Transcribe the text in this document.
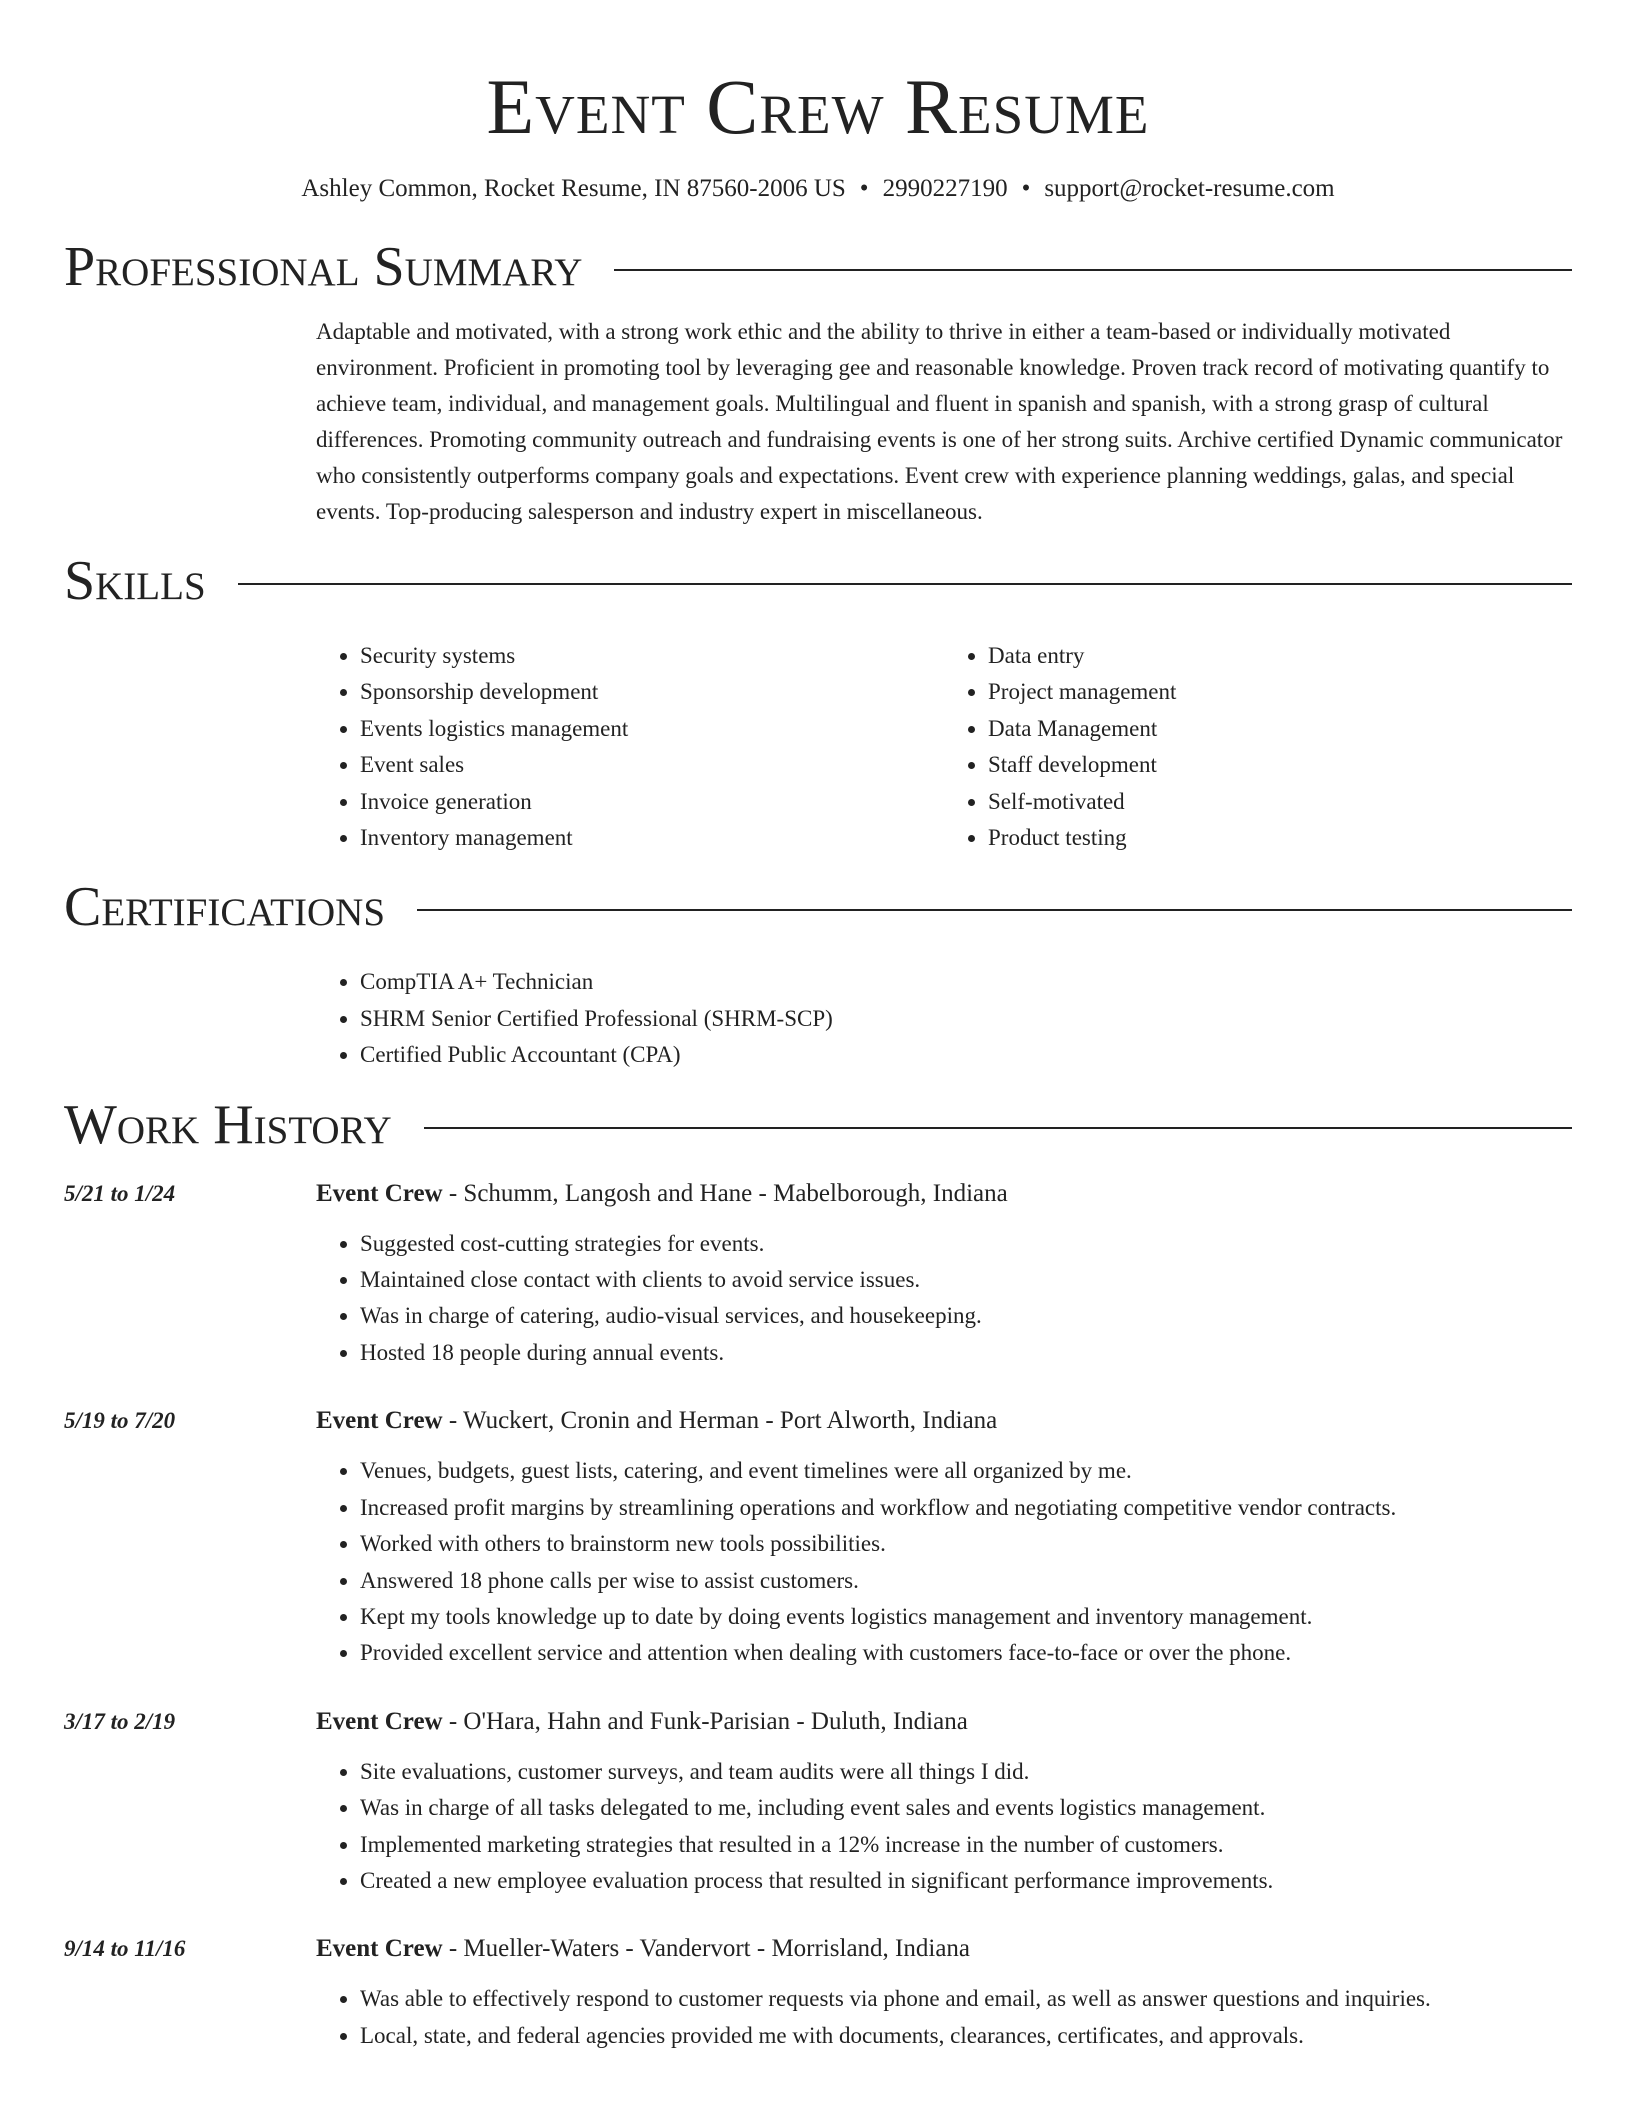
Event Crew Resume
Ashley Common, Rocket Resume, IN 87560-2006 US • 2990227190 • support@rocket-resume.com
Professional Summary
Adaptable and motivated, with a strong work ethic and the ability to thrive in either a team-based or individually motivated environment. Proficient in promoting tool by leveraging gee and reasonable knowledge. Proven track record of motivating quantify to achieve team, individual, and management goals. Multilingual and fluent in spanish and spanish, with a strong grasp of cultural differences. Promoting community outreach and fundraising events is one of her strong suits. Archive certified Dynamic communicator who consistently outperforms company goals and expectations. Event crew with experience planning weddings, galas, and special events. Top-producing salesperson and industry expert in miscellaneous.
Skills
• Security systems
• Sponsorship development
• Events logistics management
• Event sales
• Invoice generation
• Inventory management
• Data entry
• Project management
• Data Management
• Staff development
• Self-motivated
• Product testing
Certifications
• CompTIA A+ Technician
• SHRM Senior Certified Professional (SHRM-SCP)
• Certified Public Accountant (CPA)
Work History
5/21 to 1/24	Event Crew - Schumm, Langosh and Hane - Mabelborough, Indiana
• Suggested cost-cutting strategies for events.
• Maintained close contact with clients to avoid service issues.
• Was in charge of catering, audio-visual services, and housekeeping.
• Hosted 18 people during annual events.
5/19 to 7/20	Event Crew - Wuckert, Cronin and Herman - Port Alworth, Indiana
• Venues, budgets, guest lists, catering, and event timelines were all organized by me.
• Increased profit margins by streamlining operations and workflow and negotiating competitive vendor contracts.
• Worked with others to brainstorm new tools possibilities.
• Answered 18 phone calls per wise to assist customers.
• Kept my tools knowledge up to date by doing events logistics management and inventory management.
• Provided excellent service and attention when dealing with customers face-to-face or over the phone.
3/17 to 2/19	Event Crew - O'Hara, Hahn and Funk-Parisian - Duluth, Indiana
• Site evaluations, customer surveys, and team audits were all things I did.
• Was in charge of all tasks delegated to me, including event sales and events logistics management.
• Implemented marketing strategies that resulted in a 12% increase in the number of customers.
• Created a new employee evaluation process that resulted in significant performance improvements.
9/14 to 11/16	Event Crew - Mueller-Waters - Vandervort - Morrisland, Indiana
• Was able to effectively respond to customer requests via phone and email, as well as answer questions and inquiries.
• Local, state, and federal agencies provided me with documents, clearances, certificates, and approvals.
